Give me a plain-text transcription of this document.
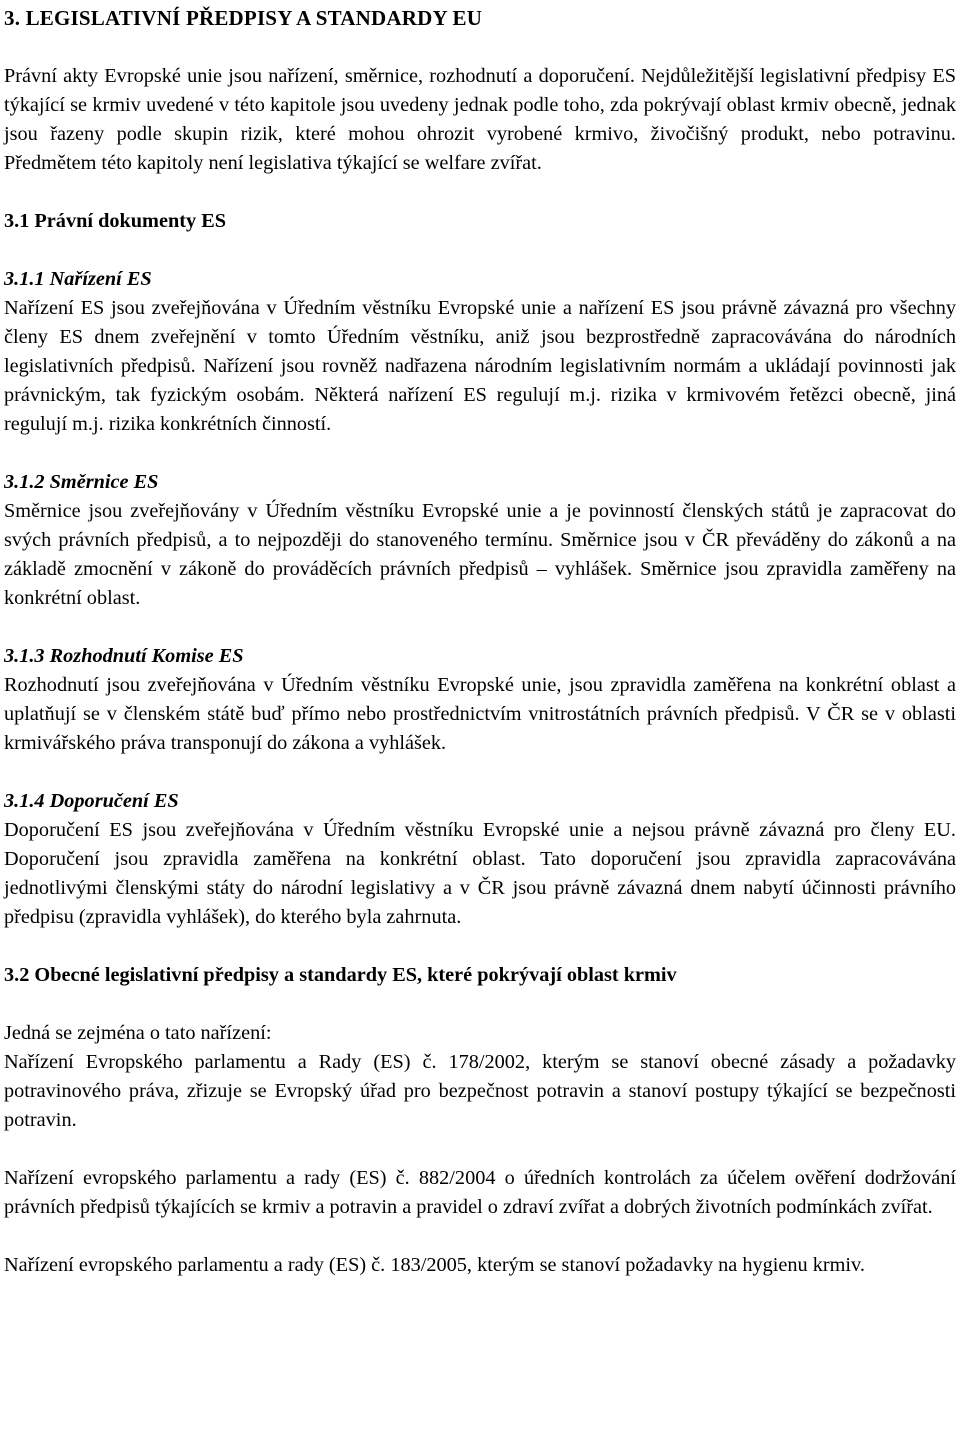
3. LEGISLATIVNÍ PŘEDPISY A STANDARDY EU

Právní akty Evropské unie jsou nařízení, směrnice, rozhodnutí a doporučení. Nejdůležitější legislativní předpisy ES týkající se krmiv uvedené v této kapitole jsou uvedeny jednak podle toho, zda pokrývají oblast krmiv obecně, jednak jsou řazeny podle skupin rizik, které mohou ohrozit vyrobené krmivo, živočišný produkt, nebo potravinu. Předmětem této kapitoly není legislativa týkající se welfare zvířat.

3.1 Právní dokumenty ES
3.1.1 Nařízení ES

Nařízení ES jsou zveřejňována v Úředním věstníku Evropské unie a nařízení ES jsou právně závazná pro všechny členy ES dnem zveřejnění v tomto Úředním věstníku, aniž jsou bezprostředně zapracovávána do národních legislativních předpisů. Nařízení jsou rovněž nadřazena národním legislativním normám a ukládají povinnosti jak právnickým, tak fyzickým osobám. Některá nařízení ES regulují m.j. rizika v krmivovém řetězci obecně, jiná regulují m.j. rizika konkrétních činností.

3.1.2 Směrnice ES

Směrnice jsou zveřejňovány v Úředním věstníku Evropské unie a je povinností členských států je zapracovat do svých právních předpisů, a to nejpozději do stanoveného termínu. Směrnice jsou v ČR převáděny do zákonů a na základě zmocnění v zákoně do prováděcích právních předpisů – vyhlášek. Směrnice jsou zpravidla zaměřeny na konkrétní oblast.

3.1.3 Rozhodnutí Komise ES

Rozhodnutí jsou zveřejňována v Úředním věstníku Evropské unie, jsou zpravidla zaměřena na konkrétní oblast a uplatňují se v členském státě buď přímo nebo prostřednictvím vnitrostátních právních předpisů. V ČR se v oblasti krmivářského práva transponují do zákona a vyhlášek.

3.1.4 Doporučení ES

Doporučení ES jsou zveřejňována v Úředním věstníku Evropské unie a nejsou právně závazná pro členy EU. Doporučení jsou zpravidla zaměřena na konkrétní oblast. Tato doporučení jsou zpravidla zapracovávána jednotlivými členskými státy do národní legislativy a v ČR jsou právně závazná dnem nabytí účinnosti právního předpisu (zpravidla vyhlášek), do kterého byla zahrnuta.

3.2 Obecné legislativní předpisy a standardy ES, které pokrývají oblast krmiv

Jedná se zejména o tato nařízení:

Nařízení Evropského parlamentu a Rady (ES) č. 178/2002, kterým se stanoví obecné zásady a požadavky potravinového práva, zřizuje se Evropský úřad pro bezpečnost potravin a stanoví postupy týkající se bezpečnosti potravin.

Nařízení evropského parlamentu a rady (ES) č. 882/2004 o úředních kontrolách za účelem ověření dodržování právních předpisů týkajících se krmiv a potravin a pravidel o zdraví zvířat a dobrých životních podmínkách zvířat.

Nařízení evropského parlamentu a rady (ES) č. 183/2005, kterým se stanoví požadavky na hygienu krmiv.
